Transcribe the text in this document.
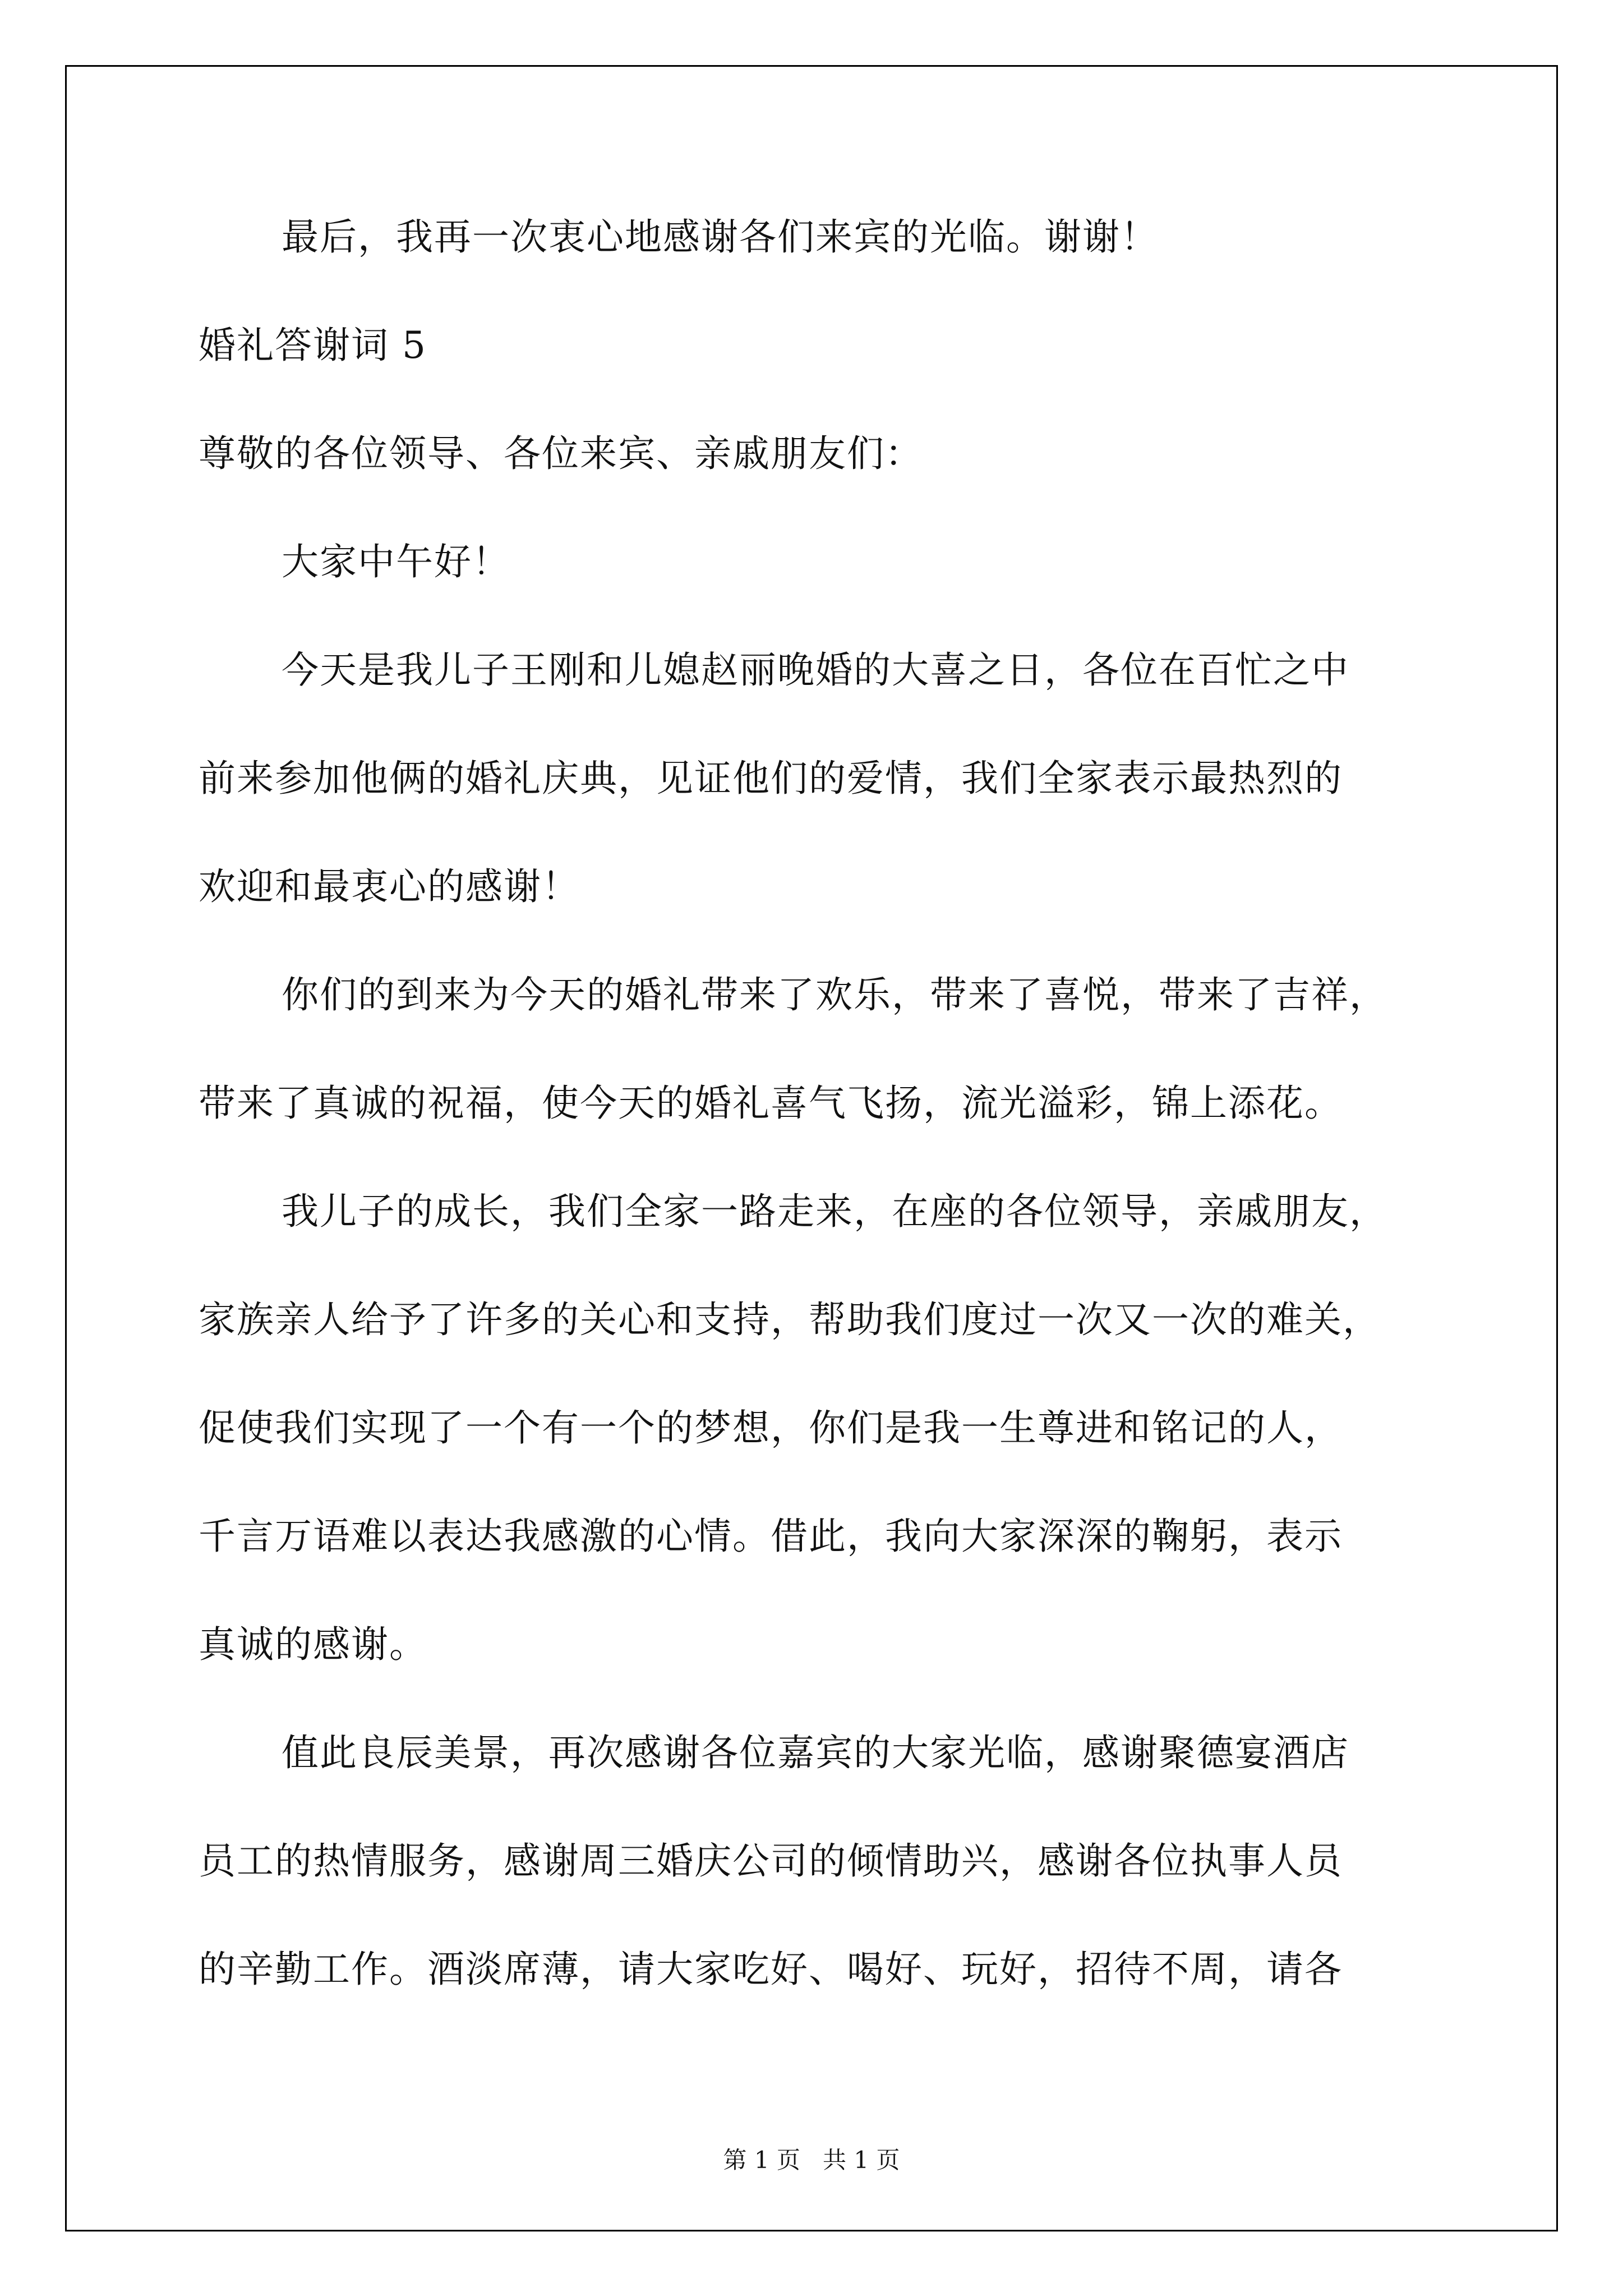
最后，我再一次衷心地感谢各们来宾的光临。谢谢！
婚礼答谢词 5
尊敬的各位领导、各位来宾、亲戚朋友们：
大家中午好！
今天是我儿子王刚和儿媳赵丽晚婚的大喜之日，各位在百忙之中
前来参加他俩的婚礼庆典，见证他们的爱情，我们全家表示最热烈的
欢迎和最衷心的感谢！
你们的到来为今天的婚礼带来了欢乐，带来了喜悦，带来了吉祥，
带来了真诚的祝福，使今天的婚礼喜气飞扬，流光溢彩，锦上添花。
我儿子的成长，我们全家一路走来，在座的各位领导，亲戚朋友，
家族亲人给予了许多的关心和支持，帮助我们度过一次又一次的难关，
促使我们实现了一个有一个的梦想，你们是我一生尊进和铭记的人，
千言万语难以表达我感激的心情。借此，我向大家深深的鞠躬，表示
真诚的感谢。
值此良辰美景，再次感谢各位嘉宾的大家光临，感谢聚德宴酒店
员工的热情服务，感谢周三婚庆公司的倾情助兴，感谢各位执事人员
的辛勤工作。酒淡席薄，请大家吃好、喝好、玩好，招待不周，请各
第 1 页   共 1 页
